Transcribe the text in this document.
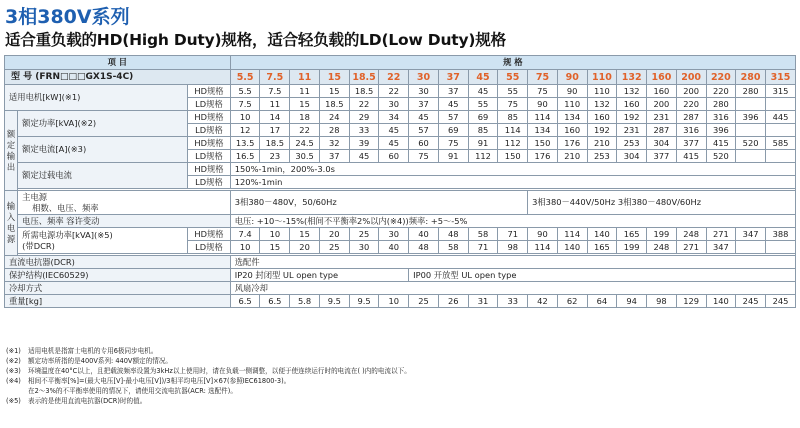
3相380V系列
适合重负载的HD(High Duty)规格，适合轻负载的LD(Low Duty)规格
项 目			规 格																		
型 号 (FRN□□□GX1S-4C)			5.5	7.5	11	15	18.5	22	30	37	45	55	75	90	110	132	160	200	220	280	315
适用电机[kW](※1)		HD规格	5.5	7.5	11	15	18.5	22	30	37	45	55	75	90	110	132	160	200	220	280	315
		LD规格	7.5	11	15	18.5	22	30	37	45	55	75	90	110	132	160	200	220	280		
额
定
输
出	额定功率[kVA](※2)	HD规格	10	14	18	24	29	34	45	57	69	85	114	134	160	192	231	287	316	396	445
		LD规格	12	17	22	28	33	45	57	69	85	114	134	160	192	231	287	316	396		
	额定电流[A](※3)	HD规格	13.5	18.5	24.5	32	39	45	60	75	91	112	150	176	210	253	304	377	415	520	585
		LD规格	16.5	23	30.5	37	45	60	75	91	112	150	176	210	253	304	377	415	520		
	额定过载电流	HD规格	150%-1min，200%-3.0s																		
		LD规格	120%-1min																		

输
入
电
源	主电源
相数、电压、频率		3相380－480V，50/60Hz										3相380－440V/50Hz 3相380－480V/60Hz								
	电压、频率 容许变动		电压: +10～-15%(相间不平衡率2%以内(※4))频率: +5～-5%																		
	所需电源功率[kVA](※5)
(带DCR)	HD规格	7.4	10	15	20	25	30	40	48	58	71	90	114	140	165	199	248	271	347	388
		LD规格	10	15	20	25	30	40	48	58	71	98	114	140	165	199	248	271	347		

直流电抗器(DCR)			选配件																		
保护结构(IEC60529)			IP20 封闭型 UL open type						IP00 开放型 UL open type												
冷却方式			风扇冷却																		
重量[kg]			6.5	6.5	5.8	9.5	9.5	10	25	26	31	33	42	62	64	94	98	129	140	245	245
(※1) 适用电机是指富士电机的专用6极同步电机。
(※2) 额定功率所指的是400V系列: 440V额定的情况。
(※3) 环境温度在40°C以上，且把载波频率设置为3kHz以上使用时，请在负载一侧调整，以便于使连续运行时的电流在( )内的电流以下。
(※4) 相间不平衡率[%]=(最大电压[V]-最小电压[V])/3相平均电压[V]×67(参照IEC61800-3)。
在2～3%的不平衡率使用的情况下，请使用交流电抗器(ACR: 选配件)。
(※5) 表示的是使用直流电抗器(DCR)时的值。
